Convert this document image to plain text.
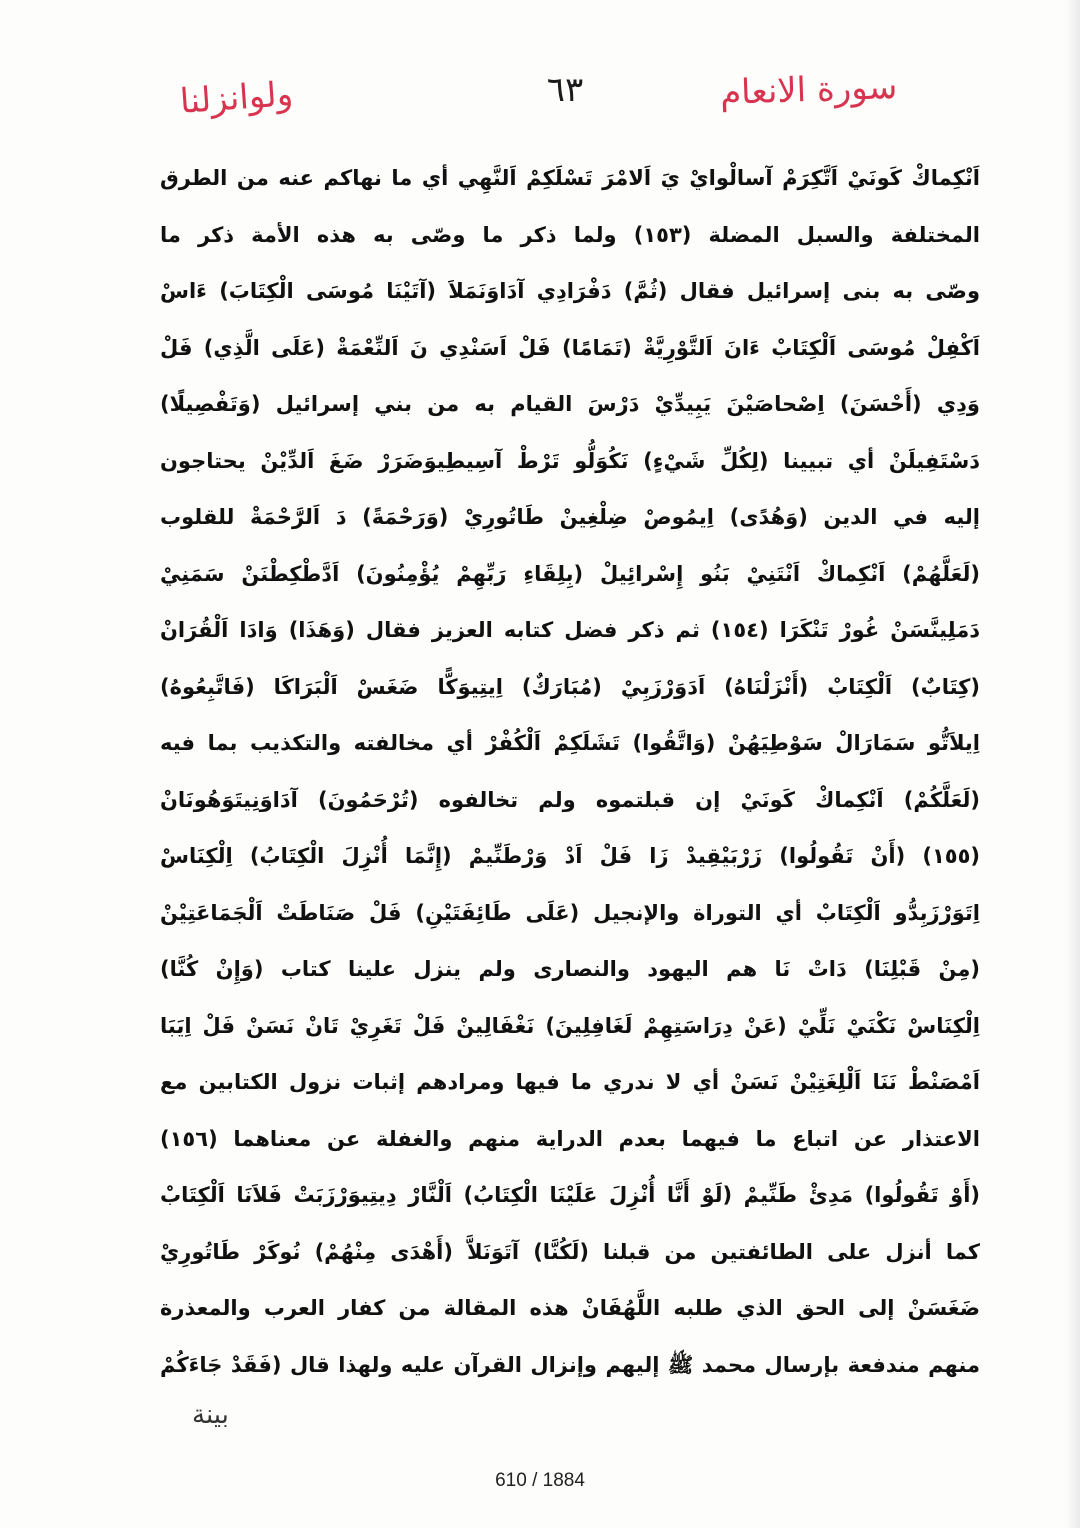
ولوانزلنا	٦٣	سورة الانعام
اَنْكِماكْ كَونَيْ اَتَّكِرَمْ آسالْوايْ يَ اَلامْرَ تَسْلَكِمْ اَلنَّهِي أي ما نهاكم عنه من الطرق
المختلفة والسبل المضلة (١٥٣) ولما ذكر ما وصّى به هذه الأمة ذكر ما
وصّى به بنى إسرائيل فقال (ثُمَّ) دَفْرَادِي آدَاوَنَمَلاَ (آتَيْنَا مُوسَى الْكِتَابَ) ءَاسْ
اَكْفِلْ مُوسَى اَلْكِتَابْ ءَانَ اَلتَّوْرِيَّةْ (تَمَامًا) فَلْ اَسَنْدِي نَ اَلنِّعْمَةْ (عَلَى الَّذِي) فَلْ
وَدِي (أَحْسَنَ) اِصْحاصَيْنَ يَبِيدِّيْ دَرْسَ القيام به من بني إسرائيل (وَتَفْصِيلًا)
دَسْتَفِيلَنْ أي تبيينا (لِكُلِّ شَيْءٍ) نَكُوَلُّو تَرْطْ آسِيطِيوَضَرَرْ ضَغَ اَلدِّيْنْ يحتاجون
إليه في الدين (وَهُدًى) اِيمُوصْ ضِلْغِينْ طَاتُورِيْ (وَرَحْمَةً) دَ اَلرَّحْمَةْ للقلوب
(لَعَلَّهُمْ) اَنْكِماكْ اَنْتَنِيْ بَنُو إِسْرائِيلْ (بِلِقَاءِ رَبِّهِمْ يُؤْمِنُونَ) اَدَّطْكِطْنَنْ سَمَنِيْ
دَمَلِينَّسَنْ غُورْ تَنْكَرَا (١٥٤) ثم ذكر فضل كتابه العزيز فقال (وَهَذَا) وَادَا اَلْقُرَانْ
(كِتَابٌ) اَلْكِتَابْ (أَنْزَلْنَاهُ) اَدَوَرْزَبِيْ (مُبَارَكٌ) اِيتِيوَكًّا ضَغَسْ اَلْبَرَاكَا (فَاتَّبِعُوهُ)
اِيلاَتُّو سَمَارَالْ سَوْطِيَهُنْ (وَاتَّقُوا) تَشَلَكِمْ اَلْكُفْرْ أي مخالفته والتكذيب بما فيه
(لَعَلَّكُمْ) اَنْكِماكْ كَونَيْ إن قبلتموه ولم تخالفوه (تُرْحَمُونَ) آدَاوَنِيتَوَهُونَانْ
(١٥٥) (أَنْ تَقُولُوا) زَرْبَيْقِيدْ زَا فَلْ اَدْ وَرْطَنِّيمْ (إِنَّمَا أُنْزِلَ الْكِتَابُ) اِلْكِنَاسْ
اِتَوَرْزَبِدُّو اَلْكِتَابْ أي التوراة والإنجيل (عَلَى طَائِفَتَيْنِ) فَلْ صَنَاطَتْ اَلْجَمَاعَتِيْنْ
(مِنْ قَبْلِنَا) دَاتْ نَا هم اليهود والنصارى ولم ينزل علينا كتاب (وَإِنْ كُنَّا)
اِلْكِنَاسْ نَكْنَيْ نَلِّيْ (عَنْ دِرَاسَتِهِمْ لَغَافِلِينَ) نَغْفَالِينْ فَلْ تَغَرِيْ تَانْ نَسَنْ فَلْ اِيَبَا
اَمْصَنْطْ نَنَا اَلْلِغَتِيْنْ نَسَنْ أي لا ندري ما فيها ومرادهم إثبات نزول الكتابين مع
الاعتذار عن اتباع ما فيهما بعدم الدراية منهم والغفلة عن معناهما (١٥٦)
(أَوْ تَقُولُوا) مَدِئْ طَنِّيمْ (لَوْ أَنَّا أُنْزِلَ عَلَيْنَا الْكِتَابُ) اَلْنَّارْ دِيتِيوَرْزَبَتْ فَلاَنَا اَلْكِتَابْ
كما أنزل على الطائفتين من قبلنا (لَكُنَّا) آتَوَنَلاَّ (أَهْدَى مِنْهُمْ) نُوكَرْ طَاتُورِيْ
ضَغَسَنْ إلى الحق الذي طلبه اللَّهُفَانْ هذه المقالة من كفار العرب والمعذرة
منهم مندفعة بإرسال محمد ﷺ إليهم وإنزال القرآن عليه ولهذا قال (فَقَدْ جَاءَكُمْ
بينة
610 / 1884
